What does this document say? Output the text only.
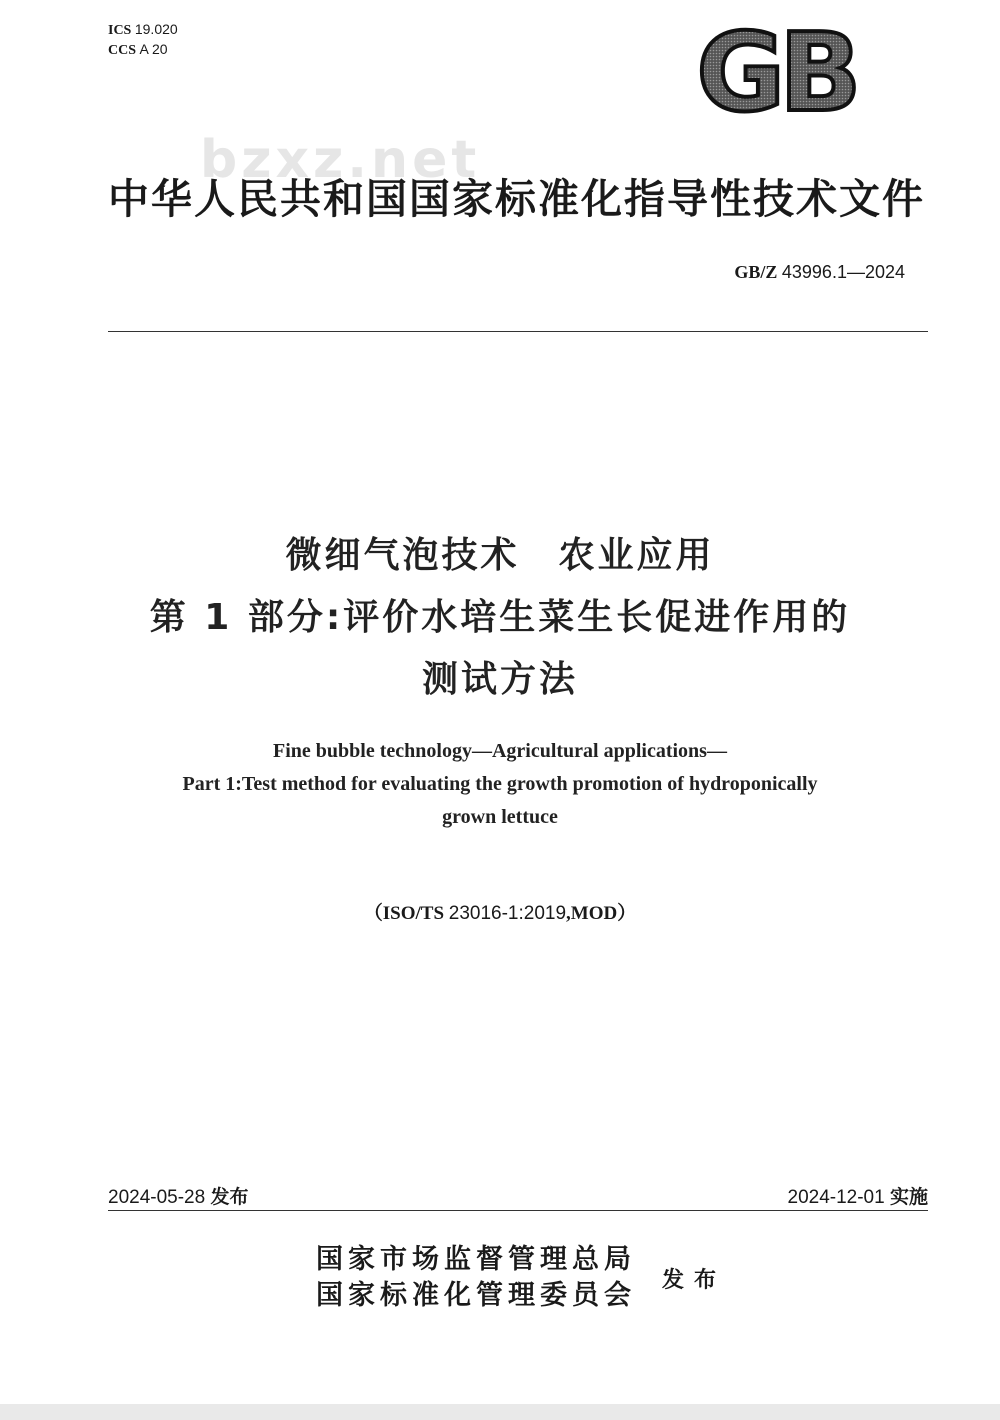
ICS 19.020
CCS A 20	GB
bzxz.net
中华人民共和国国家标准化指导性技术文件
GB/Z 43996.1—2024
微细气泡技术　农业应用
第 1 部分:评价水培生菜生长促进作用的
测试方法
Fine bubble technology—Agricultural applications—
Part 1:Test method for evaluating the growth promotion of hydroponically
grown lettuce
（ISO/TS 23016-1:2019,MOD）
2024-05-28 发布	2024-12-01 实施
国家市场监督管理总局
国家标准化管理委员会 发布
